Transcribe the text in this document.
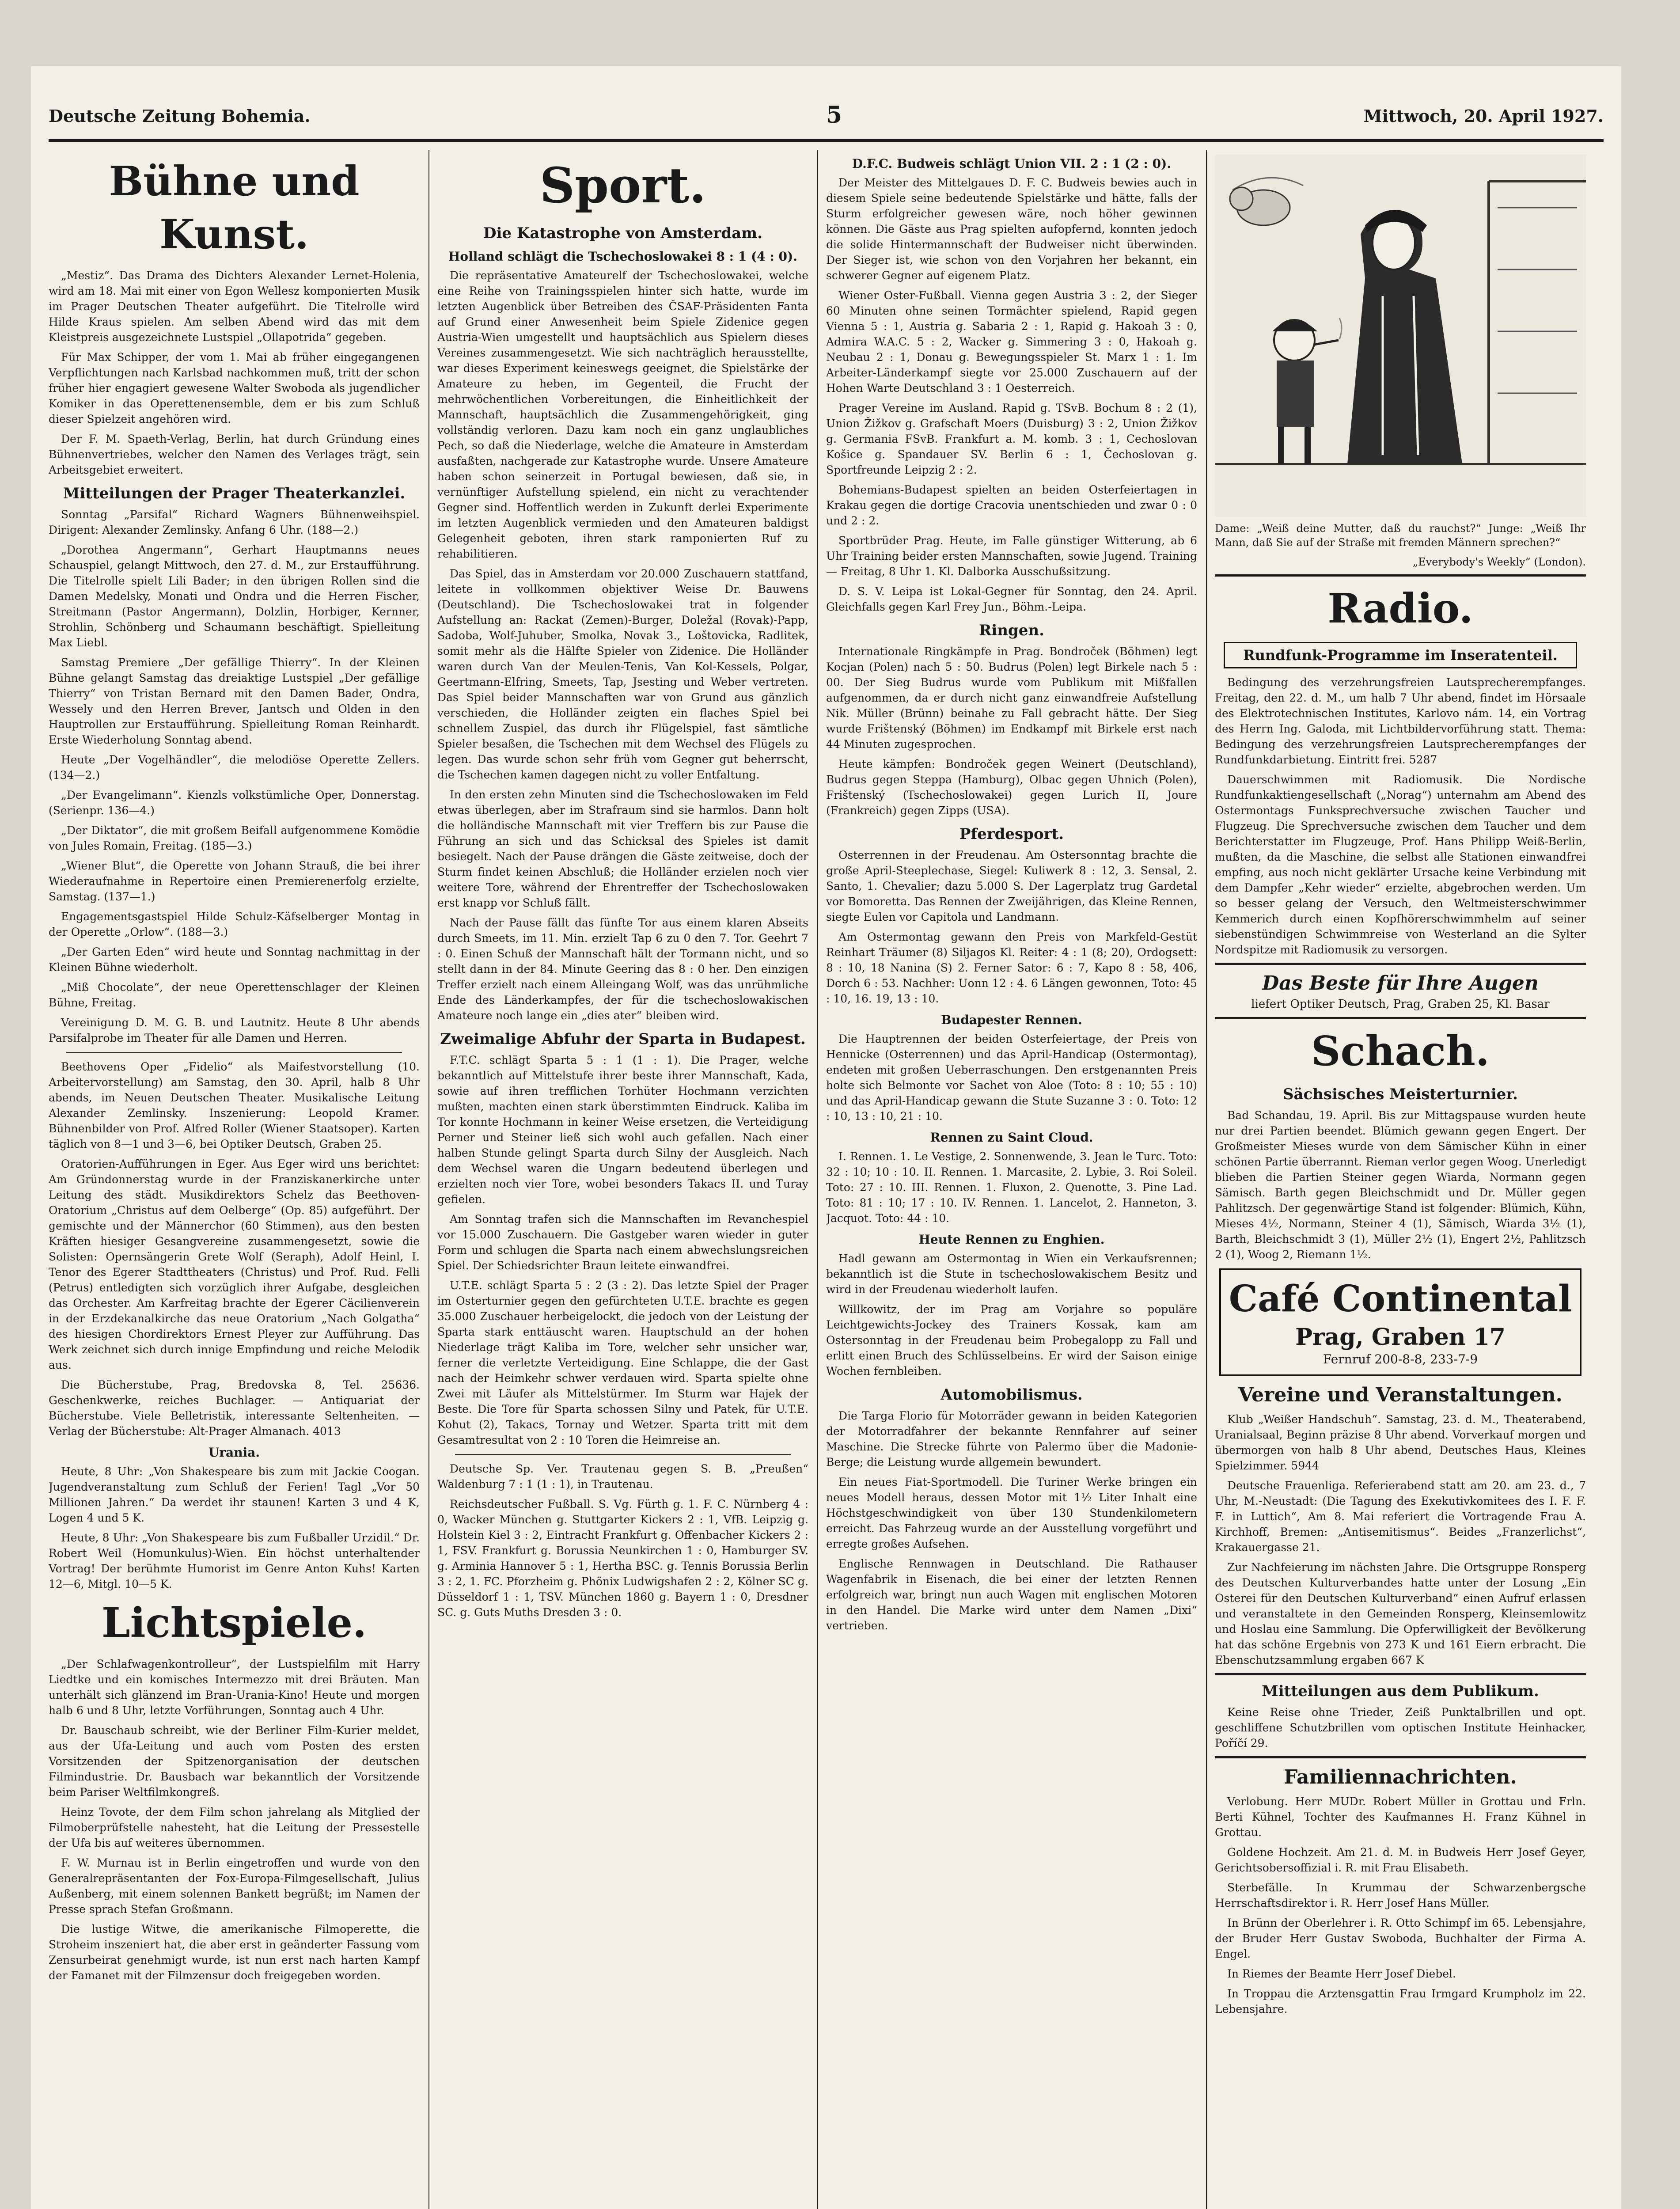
Deutsche Zeitung Bohemia.	5	Mittwoch, 20. April 1927.
Bühne und Kunst.

„Mestiz“. Das Drama des Dichters Alexander Lernet-Holenia, wird am 18. Mai mit einer von Egon Wellesz komponierten Musik im Prager Deutschen Theater aufgeführt. Die Titelrolle wird Hilde Kraus spielen. Am selben Abend wird das mit dem Kleistpreis ausgezeichnete Lustspiel „Ollapotrida“ gegeben.

Für Max Schipper, der vom 1. Mai ab früher eingegangenen Verpflichtungen nach Karlsbad nachkommen muß, tritt der schon früher hier engagiert gewesene Walter Swoboda als jugendlicher Komiker in das Operettenensemble, dem er bis zum Schluß dieser Spielzeit angehören wird.

Der F. M. Spaeth-Verlag, Berlin, hat durch Gründung eines Bühnenvertriebes, welcher den Namen des Verlages trägt, sein Arbeitsgebiet erweitert.

Mitteilungen der Prager Theaterkanzlei.

Sonntag „Parsifal“ Richard Wagners Bühnenweihspiel. Dirigent: Alexander Zemlinsky. Anfang 6 Uhr. (188—2.)

„Dorothea Angermann“, Gerhart Hauptmanns neues Schauspiel, gelangt Mittwoch, den 27. d. M., zur Erstaufführung. Die Titelrolle spielt Lili Bader; in den übrigen Rollen sind die Damen Medelsky, Monati und Ondra und die Herren Fischer, Streitmann (Pastor Angermann), Dolzlin, Horbiger, Kernner, Strohlin, Schönberg und Schaumann beschäftigt. Spielleitung Max Liebl.

Samstag Premiere „Der gefällige Thierry“. In der Kleinen Bühne gelangt Samstag das dreiaktige Lustspiel „Der gefällige Thierry“ von Tristan Bernard mit den Damen Bader, Ondra, Wessely und den Herren Brever, Jantsch und Olden in den Hauptrollen zur Erstaufführung. Spielleitung Roman Reinhardt. Erste Wiederholung Sonntag abend.

Heute „Der Vogelhändler“, die melodiöse Operette Zellers. (134—2.)

„Der Evangelimann“. Kienzls volkstümliche Oper, Donnerstag. (Serienpr. 136—4.)

„Der Diktator“, die mit großem Beifall aufgenommene Komödie von Jules Romain, Freitag. (185—3.)

„Wiener Blut“, die Operette von Johann Strauß, die bei ihrer Wiederaufnahme in Repertoire einen Premierenerfolg erzielte, Samstag. (137—1.)

Engagementsgastspiel Hilde Schulz-Käfselberger Montag in der Operette „Orlow“. (188—3.)

„Der Garten Eden“ wird heute und Sonntag nachmittag in der Kleinen Bühne wiederholt.

„Miß Chocolate“, der neue Operettenschlager der Kleinen Bühne, Freitag.

Vereinigung D. M. G. B. und Lautnitz. Heute 8 Uhr abends Parsifalprobe im Theater für alle Damen und Herren.

Beethovens Oper „Fidelio“ als Maifestvorstellung (10. Arbeitervorstellung) am Samstag, den 30. April, halb 8 Uhr abends, im Neuen Deutschen Theater. Musikalische Leitung Alexander Zemlinsky. Inszenierung: Leopold Kramer. Bühnenbilder von Prof. Alfred Roller (Wiener Staatsoper). Karten täglich von 8—1 und 3—6, bei Optiker Deutsch, Graben 25.

Oratorien-Aufführungen in Eger. Aus Eger wird uns berichtet: Am Gründonnerstag wurde in der Franziskanerkirche unter Leitung des städt. Musikdirektors Schelz das Beethoven-Oratorium „Christus auf dem Oelberge“ (Op. 85) aufgeführt. Der gemischte und der Männerchor (60 Stimmen), aus den besten Kräften hiesiger Gesangvereine zusammengesetzt, sowie die Solisten: Opernsängerin Grete Wolf (Seraph), Adolf Heinl, I. Tenor des Egerer Stadttheaters (Christus) und Prof. Rud. Felli (Petrus) entledigten sich vorzüglich ihrer Aufgabe, desgleichen das Orchester. Am Karfreitag brachte der Egerer Cäcilienverein in der Erzdekanalkirche das neue Oratorium „Nach Golgatha“ des hiesigen Chordirektors Ernest Pleyer zur Aufführung. Das Werk zeichnet sich durch innige Empfindung und reiche Melodik aus.

Die Bücherstube, Prag, Bredovska 8, Tel. 25636. Geschenkwerke, reiches Buchlager. — Antiquariat der Bücherstube. Viele Belletristik, interessante Seltenheiten. — Verlag der Bücherstube: Alt-Prager Almanach. 4013

Urania.

Heute, 8 Uhr: „Von Shakespeare bis zum mit Jackie Coogan. Jugendveranstaltung zum Schluß der Ferien! Tagl „Vor 50 Millionen Jahren.“ Da werdet ihr staunen! Karten 3 und 4 K, Logen 4 und 5 K.

Heute, 8 Uhr: „Von Shakespeare bis zum Fußballer Urzidil.“ Dr. Robert Weil (Homunkulus)-Wien. Ein höchst unterhaltender Vortrag! Der berühmte Humorist im Genre Anton Kuhs! Karten 12—6, Mitgl. 10—5 K.

Lichtspiele.

„Der Schlafwagenkontrolleur“, der Lustspielfilm mit Harry Liedtke und ein komisches Intermezzo mit drei Bräuten. Man unterhält sich glänzend im Bran-Urania-Kino! Heute und morgen halb 6 und 8 Uhr, letzte Vorführungen, Sonntag auch 4 Uhr.

Dr. Bauschaub schreibt, wie der Berliner Film-Kurier meldet, aus der Ufa-Leitung und auch vom Posten des ersten Vorsitzenden der Spitzenorganisation der deutschen Filmindustrie. Dr. Bausbach war bekanntlich der Vorsitzende beim Pariser Weltfilmkongreß.

Heinz Tovote, der dem Film schon jahrelang als Mitglied der Filmoberprüfstelle nahesteht, hat die Leitung der Pressestelle der Ufa bis auf weiteres übernommen.

F. W. Murnau ist in Berlin eingetroffen und wurde von den Generalrepräsentanten der Fox-Europa-Filmgesellschaft, Julius Außenberg, mit einem solennen Bankett begrüßt; im Namen der Presse sprach Stefan Großmann.

Die lustige Witwe, die amerikanische Filmoperette, die Stroheim inszeniert hat, die aber erst in geänderter Fassung vom Zensurbeirat genehmigt wurde, ist nun erst nach harten Kampf der Famanet mit der Filmzensur doch freigegeben worden.

Sport.
Die Katastrophe von Amsterdam.
Holland schlägt die Tschechoslowakei 8 : 1 (4 : 0).

Die repräsentative Amateurelf der Tschechoslowakei, welche eine Reihe von Trainingsspielen hinter sich hatte, wurde im letzten Augenblick über Betreiben des ČSAF-Präsidenten Fanta auf Grund einer Anwesenheit beim Spiele Zidenice gegen Austria-Wien umgestellt und hauptsächlich aus Spielern dieses Vereines zusammengesetzt. Wie sich nachträglich herausstellte, war dieses Experiment keineswegs geeignet, die Spielstärke der Amateure zu heben, im Gegenteil, die Frucht der mehrwöchentlichen Vorbereitungen, die Einheitlichkeit der Mannschaft, hauptsächlich die Zusammengehörigkeit, ging vollständig verloren. Dazu kam noch ein ganz unglaubliches Pech, so daß die Niederlage, welche die Amateure in Amsterdam ausfaßten, nachgerade zur Katastrophe wurde. Unsere Amateure haben schon seinerzeit in Portugal bewiesen, daß sie, in vernünftiger Aufstellung spielend, ein nicht zu verachtender Gegner sind. Hoffentlich werden in Zukunft derlei Experimente im letzten Augenblick vermieden und den Amateuren baldigst Gelegenheit geboten, ihren stark ramponierten Ruf zu rehabilitieren.

Das Spiel, das in Amsterdam vor 20.000 Zuschauern stattfand, leitete in vollkommen objektiver Weise Dr. Bauwens (Deutschland). Die Tschechoslowakei trat in folgender Aufstellung an: Rackat (Zemen)-Burger, Doležal (Rovak)-Papp, Sadoba, Wolf-Juhuber, Smolka, Novak 3., Loštovicka, Radlitek, somit mehr als die Hälfte Spieler von Zidenice. Die Holländer waren durch Van der Meulen-Tenis, Van Kol-Kessels, Polgar, Geertmann-Elfring, Smeets, Tap, Jsesting und Weber vertreten. Das Spiel beider Mannschaften war von Grund aus gänzlich verschieden, die Holländer zeigten ein flaches Spiel bei schnellem Zuspiel, das durch ihr Flügelspiel, fast sämtliche Spieler besaßen, die Tschechen mit dem Wechsel des Flügels zu legen. Das wurde schon sehr früh vom Gegner gut beherrscht, die Tschechen kamen dagegen nicht zu voller Entfaltung.

In den ersten zehn Minuten sind die Tschechoslowaken im Feld etwas überlegen, aber im Strafraum sind sie harmlos. Dann holt die holländische Mannschaft mit vier Treffern bis zur Pause die Führung an sich und das Schicksal des Spieles ist damit besiegelt. Nach der Pause drängen die Gäste zeitweise, doch der Sturm findet keinen Abschluß; die Holländer erzielen noch vier weitere Tore, während der Ehrentreffer der Tschechoslowaken erst knapp vor Schluß fällt.

Nach der Pause fällt das fünfte Tor aus einem klaren Abseits durch Smeets, im 11. Min. erzielt Tap 6 zu 0 den 7. Tor. Geehrt 7 : 0. Einen Schuß der Mannschaft hält der Tormann nicht, und so stellt dann in der 84. Minute Geering das 8 : 0 her. Den einzigen Treffer erzielt nach einem Alleingang Wolf, was das unrühmliche Ende des Länderkampfes, der für die tschechoslowakischen Amateure noch lange ein „dies ater“ bleiben wird.

Zweimalige Abfuhr der Sparta in Budapest.

F.T.C. schlägt Sparta 5 : 1 (1 : 1). Die Prager, welche bekanntlich auf Mittelstufe ihrer beste ihrer Mannschaft, Kada, sowie auf ihren trefflichen Torhüter Hochmann verzichten mußten, machten einen stark überstimmten Eindruck. Kaliba im Tor konnte Hochmann in keiner Weise ersetzen, die Verteidigung Perner und Steiner ließ sich wohl auch gefallen. Nach einer halben Stunde gelingt Sparta durch Silny der Ausgleich. Nach dem Wechsel waren die Ungarn bedeutend überlegen und erzielten noch vier Tore, wobei besonders Takacs II. und Turay gefielen.

Am Sonntag trafen sich die Mannschaften im Revanchespiel vor 15.000 Zuschauern. Die Gastgeber waren wieder in guter Form und schlugen die Sparta nach einem abwechslungsreichen Spiel. Der Schiedsrichter Braun leitete einwandfrei.

U.T.E. schlägt Sparta 5 : 2 (3 : 2). Das letzte Spiel der Prager im Osterturnier gegen den gefürchteten U.T.E. brachte es gegen 35.000 Zuschauer herbeigelockt, die jedoch von der Leistung der Sparta stark enttäuscht waren. Hauptschuld an der hohen Niederlage trägt Kaliba im Tore, welcher sehr unsicher war, ferner die verletzte Verteidigung. Eine Schlappe, die der Gast nach der Heimkehr schwer verdauen wird. Sparta spielte ohne Zwei mit Läufer als Mittelstürmer. Im Sturm war Hajek der Beste. Die Tore für Sparta schossen Silny und Patek, für U.T.E. Kohut (2), Takacs, Tornay und Wetzer. Sparta tritt mit dem Gesamtresultat von 2 : 10 Toren die Heimreise an.

Deutsche Sp. Ver. Trautenau gegen S. B. „Preußen“ Waldenburg 7 : 1 (1 : 1), in Trautenau.

Reichsdeutscher Fußball. S. Vg. Fürth g. 1. F. C. Nürnberg 4 : 0, Wacker München g. Stuttgarter Kickers 2 : 1, VfB. Leipzig g. Holstein Kiel 3 : 2, Eintracht Frankfurt g. Offenbacher Kickers 2 : 1, FSV. Frankfurt g. Borussia Neunkirchen 1 : 0, Hamburger SV. g. Arminia Hannover 5 : 1, Hertha BSC. g. Tennis Borussia Berlin 3 : 2, 1. FC. Pforzheim g. Phönix Ludwigshafen 2 : 2, Kölner SC g. Düsseldorf 1 : 1, TSV. München 1860 g. Bayern 1 : 0, Dresdner SC. g. Guts Muths Dresden 3 : 0.

D.F.C. Budweis schlägt Union VII. 2 : 1 (2 : 0).

Der Meister des Mittelgaues D. F. C. Budweis bewies auch in diesem Spiele seine bedeutende Spielstärke und hätte, falls der Sturm erfolgreicher gewesen wäre, noch höher gewinnen können. Die Gäste aus Prag spielten aufopfernd, konnten jedoch die solide Hintermannschaft der Budweiser nicht überwinden. Der Sieger ist, wie schon von den Vorjahren her bekannt, ein schwerer Gegner auf eigenem Platz.

Wiener Oster-Fußball. Vienna gegen Austria 3 : 2, der Sieger 60 Minuten ohne seinen Tormächter spielend, Rapid gegen Vienna 5 : 1, Austria g. Sabaria 2 : 1, Rapid g. Hakoah 3 : 0, Admira W.A.C. 5 : 2, Wacker g. Simmering 3 : 0, Hakoah g. Neubau 2 : 1, Donau g. Bewegungsspieler St. Marx 1 : 1. Im Arbeiter-Länderkampf siegte vor 25.000 Zuschauern auf der Hohen Warte Deutschland 3 : 1 Oesterreich.

Prager Vereine im Ausland. Rapid g. TSvB. Bochum 8 : 2 (1), Union Žižkov g. Grafschaft Moers (Duisburg) 3 : 2, Union Žižkov g. Germania FSvB. Frankfurt a. M. komb. 3 : 1, Cechoslovan Košice g. Spandauer SV. Berlin 6 : 1, Čechoslovan g. Sportfreunde Leipzig 2 : 2.

Bohemians-Budapest spielten an beiden Osterfeiertagen in Krakau gegen die dortige Cracovia unentschieden und zwar 0 : 0 und 2 : 2.

Sportbrüder Prag. Heute, im Falle günstiger Witterung, ab 6 Uhr Training beider ersten Mannschaften, sowie Jugend. Training — Freitag, 8 Uhr 1. Kl. Dalborka Ausschußsitzung.

D. S. V. Leipa ist Lokal-Gegner für Sonntag, den 24. April. Gleichfalls gegen Karl Frey Jun., Böhm.-Leipa.

Ringen.

Internationale Ringkämpfe in Prag. Bondroček (Böhmen) legt Kocjan (Polen) nach 5 : 50. Budrus (Polen) legt Birkele nach 5 : 00. Der Sieg Budrus wurde vom Publikum mit Mißfallen aufgenommen, da er durch nicht ganz einwandfreie Aufstellung Nik. Müller (Brünn) beinahe zu Fall gebracht hätte. Der Sieg wurde Frištenský (Böhmen) im Endkampf mit Birkele erst nach 44 Minuten zugesprochen.

Heute kämpfen: Bondroček gegen Weinert (Deutschland), Budrus gegen Steppa (Hamburg), Olbac gegen Uhnich (Polen), Frištenský (Tschechoslowakei) gegen Lurich II, Joure (Frankreich) gegen Zipps (USA).

Pferdesport.

Osterrennen in der Freudenau. Am Ostersonntag brachte die große April-Steeplechase, Siegel: Kuliwerk 8 : 12, 3. Sensal, 2. Santo, 1. Chevalier; dazu 5.000 S. Der Lagerplatz trug Gardetal vor Bomoretta. Das Rennen der Zweijährigen, das Kleine Rennen, siegte Eulen vor Capitola und Landmann.

Am Ostermontag gewann den Preis von Markfeld-Gestüt Reinhart Träumer (8) Siljagos Kl. Reiter: 4 : 1 (8; 20), Ordogsett: 8 : 10, 18 Nanina (S) 2. Ferner Sator: 6 : 7, Kapo 8 : 58, 406, Dorch 6 : 53. Nachher: Uonn 12 : 4. 6 Längen gewonnen, Toto: 45 : 10, 16. 19, 13 : 10.

Budapester Rennen.

Die Hauptrennen der beiden Osterfeiertage, der Preis von Hennicke (Osterrennen) und das April-Handicap (Ostermontag), endeten mit großen Ueberraschungen. Den erstgenannten Preis holte sich Belmonte vor Sachet von Aloe (Toto: 8 : 10; 55 : 10) und das April-Handicap gewann die Stute Suzanne 3 : 0. Toto: 12 : 10, 13 : 10, 21 : 10.

Rennen zu Saint Cloud.

I. Rennen. 1. Le Vestige, 2. Sonnenwende, 3. Jean le Turc. Toto: 32 : 10; 10 : 10. II. Rennen. 1. Marcasite, 2. Lybie, 3. Roi Soleil. Toto: 27 : 10. III. Rennen. 1. Fluxon, 2. Quenotte, 3. Pine Lad. Toto: 81 : 10; 17 : 10. IV. Rennen. 1. Lancelot, 2. Hanneton, 3. Jacquot. Toto: 44 : 10.

Heute Rennen zu Enghien.

Hadl gewann am Ostermontag in Wien ein Verkaufsrennen; bekanntlich ist die Stute in tschechoslowakischem Besitz und wird in der Freudenau wiederholt laufen.

Willkowitz, der im Prag am Vorjahre so populäre Leichtgewichts-Jockey des Trainers Kossak, kam am Ostersonntag in der Freudenau beim Probegalopp zu Fall und erlitt einen Bruch des Schlüsselbeins. Er wird der Saison einige Wochen fernbleiben.

Automobilismus.

Die Targa Florio für Motorräder gewann in beiden Kategorien der Motorradfahrer der bekannte Rennfahrer auf seiner Maschine. Die Strecke führte von Palermo über die Madonie-Berge; die Leistung wurde allgemein bewundert.

Ein neues Fiat-Sportmodell. Die Turiner Werke bringen ein neues Modell heraus, dessen Motor mit 1½ Liter Inhalt eine Höchstgeschwindigkeit von über 130 Stundenkilometern erreicht. Das Fahrzeug wurde an der Ausstellung vorgeführt und erregte großes Aufsehen.

Englische Rennwagen in Deutschland. Die Rathauser Wagenfabrik in Eisenach, die bei einer der letzten Rennen erfolgreich war, bringt nun auch Wagen mit englischen Motoren in den Handel. Die Marke wird unter dem Namen „Dixi“ vertrieben.

Dame: „Weiß deine Mutter, daß du rauchst?“ Junge: „Weiß Ihr Mann, daß Sie auf der Straße mit fremden Männern sprechen?“
„Everybody's Weekly“ (London).
Radio.
Rundfunk-Programme im Inseratenteil.

Bedingung des verzehrungsfreien Lautsprecherempfanges. Freitag, den 22. d. M., um halb 7 Uhr abend, findet im Hörsaale des Elektrotechnischen Institutes, Karlovo nám. 14, ein Vortrag des Herrn Ing. Galoda, mit Lichtbildervorführung statt. Thema: Bedingung des verzehrungsfreien Lautsprecherempfanges der Rundfunkdarbietung. Eintritt frei. 5287

Dauerschwimmen mit Radiomusik. Die Nordische Rundfunkaktiengesellschaft („Norag“) unternahm am Abend des Ostermontags Funksprechversuche zwischen Taucher und Flugzeug. Die Sprechversuche zwischen dem Taucher und dem Berichterstatter im Flugzeuge, Prof. Hans Philipp Weiß-Berlin, mußten, da die Maschine, die selbst alle Stationen einwandfrei empfing, aus noch nicht geklärter Ursache keine Verbindung mit dem Dampfer „Kehr wieder“ erzielte, abgebrochen werden. Um so besser gelang der Versuch, den Weltmeisterschwimmer Kemmerich durch einen Kopfhörerschwimmhelm auf seiner siebenstündigen Schwimmreise von Westerland an die Sylter Nordspitze mit Radiomusik zu versorgen.

Das Beste für Ihre Augen
liefert Optiker Deutsch, Prag, Graben 25, Kl. Basar
Schach.
Sächsisches Meisterturnier.

Bad Schandau, 19. April. Bis zur Mittagspause wurden heute nur drei Partien beendet. Blümich gewann gegen Engert. Der Großmeister Mieses wurde von dem Sämischer Kühn in einer schönen Partie überrannt. Rieman verlor gegen Woog. Unerledigt blieben die Partien Steiner gegen Wiarda, Normann gegen Sämisch. Barth gegen Bleichschmidt und Dr. Müller gegen Pahlitzsch. Der gegenwärtige Stand ist folgender: Blümich, Kühn, Mieses 4½, Normann, Steiner 4 (1), Sämisch, Wiarda 3½ (1), Barth, Bleichschmidt 3 (1), Müller 2½ (1), Engert 2½, Pahlitzsch 2 (1), Woog 2, Riemann 1½.

Café Continental
Prag, Graben 17
Fernruf 200-8-8, 233-7-9
Vereine und Veranstaltungen.

Klub „Weißer Handschuh“. Samstag, 23. d. M., Theaterabend, Uranialsaal, Beginn präzise 8 Uhr abend. Vorverkauf morgen und übermorgen von halb 8 Uhr abend, Deutsches Haus, Kleines Spielzimmer. 5944

Deutsche Frauenliga. Referierabend statt am 20. am 23. d., 7 Uhr, M.-Neustadt: (Die Tagung des Exekutivkomitees des I. F. F. F. in Luttich“, Am 8. Mai referiert die Vortragende Frau A. Kirchhoff, Bremen: „Antisemitismus“. Beides „Franzerlichst“, Krakauergasse 21.

Zur Nachfeierung im nächsten Jahre. Die Ortsgruppe Ronsperg des Deutschen Kulturverbandes hatte unter der Losung „Ein Osterei für den Deutschen Kulturverband“ einen Aufruf erlassen und veranstaltete in den Gemeinden Ronsperg, Kleinsemlowitz und Hoslau eine Sammlung. Die Opferwilligkeit der Bevölkerung hat das schöne Ergebnis von 273 K und 161 Eiern erbracht. Die Ebenschutzsammlung ergaben 667 K

Mitteilungen aus dem Publikum.

Keine Reise ohne Trieder, Zeiß Punktalbrillen und opt. geschliffene Schutzbrillen vom optischen Institute Heinhacker, Poříčí 29.

Familiennachrichten.

Verlobung. Herr MUDr. Robert Müller in Grottau und Frln. Berti Kühnel, Tochter des Kaufmannes H. Franz Kühnel in Grottau.

Goldene Hochzeit. Am 21. d. M. in Budweis Herr Josef Geyer, Gerichtsobersoffizial i. R. mit Frau Elisabeth.

Sterbefälle. In Krummau der Schwarzenbergsche Herrschaftsdirektor i. R. Herr Josef Hans Müller.

In Brünn der Oberlehrer i. R. Otto Schimpf im 65. Lebensjahre, der Bruder Herr Gustav Swoboda, Buchhalter der Firma A. Engel.

In Riemes der Beamte Herr Josef Diebel.

In Troppau die Arztensgattin Frau Irmgard Krumpholz im 22. Lebensjahre.
